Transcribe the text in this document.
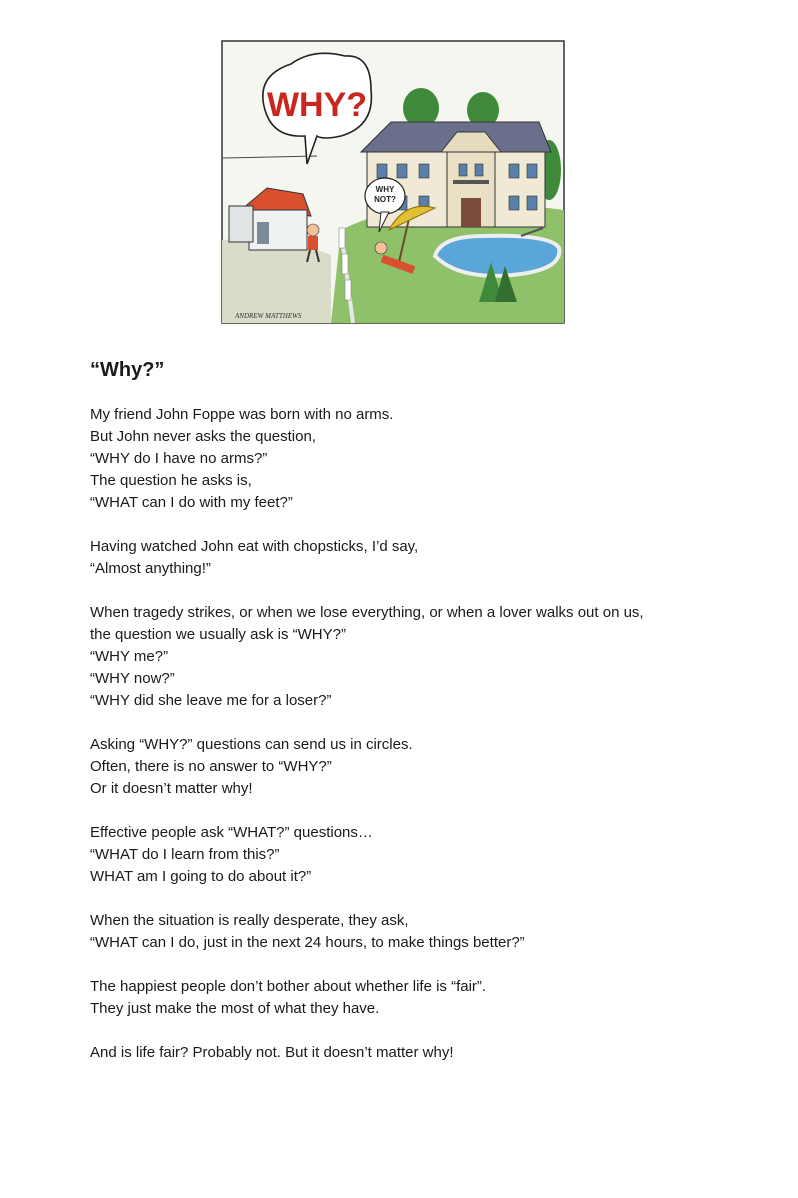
WHY?
WHY
NOT?
ANDREW MATTHEWS
“Why?”

My friend John Foppe was born with no arms.
But John never asks the question,
“WHY do I have no arms?”
The question he asks is,
“WHAT can I do with my feet?”

Having watched John eat with chopsticks, I’d say,
“Almost anything!”

When tragedy strikes, or when we lose everything, or when a lover walks out on us,
the question we usually ask is “WHY?”
“WHY me?”
“WHY now?”
“WHY did she leave me for a loser?”

Asking “WHY?” questions can send us in circles.
Often, there is no answer to “WHY?”
Or it doesn’t matter why!

Effective people ask “WHAT?” questions…
“WHAT do I learn from this?”
WHAT am I going to do about it?”

When the situation is really desperate, they ask,
“WHAT can I do, just in the next 24 hours, to make things better?”

The happiest people don’t bother about whether life is “fair”.
They just make the most of what they have.

And is life fair? Probably not. But it doesn’t matter why!
